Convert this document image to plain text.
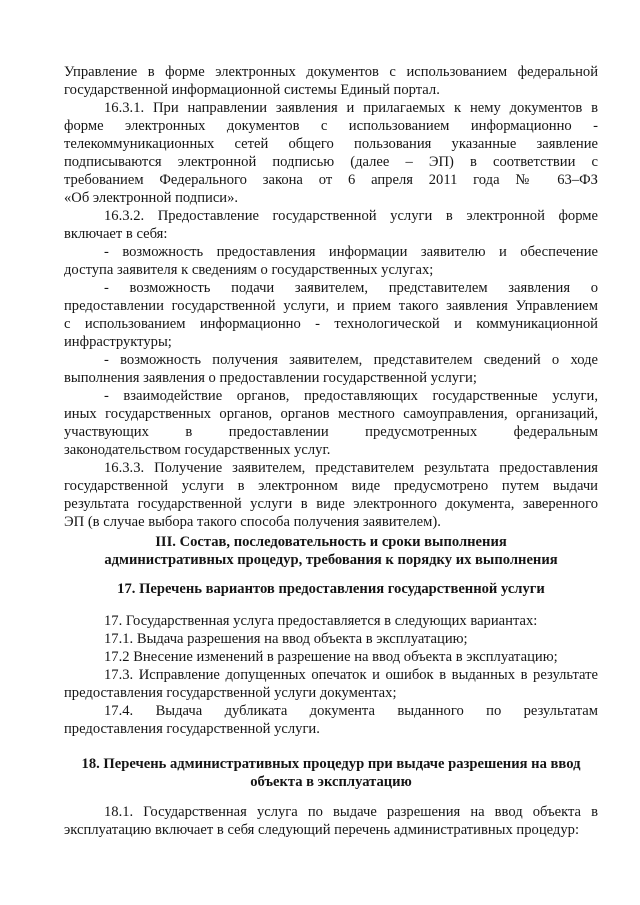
Управление в форме электронных документов с использованием федеральной
государственной информационной системы Единый портал.

16.3.1. При направлении заявления и прилагаемых к нему документов в
форме электронных документов с использованием информационно -
телекоммуникационных сетей общего пользования указанные заявление
подписываются электронной подписью (далее – ЭП) в соответствии с
требованием Федерального закона от 6 апреля 2011 года № 63–ФЗ
«Об электронной подписи».

16.3.2. Предоставление государственной услуги в электронной форме
включает в себя:

- возможность предоставления информации заявителю и обеспечение
доступа заявителя к сведениям о государственных услугах;

- возможность подачи заявителем, представителем заявления о
предоставлении государственной услуги, и прием такого заявления Управлением
с использованием информационно - технологической и коммуникационной
инфраструктуры;

- возможность получения заявителем, представителем сведений о ходе
выполнения заявления о предоставлении государственной услуги;

- взаимодействие органов, предоставляющих государственные услуги,
иных государственных органов, органов местного самоуправления, организаций,
участвующих в предоставлении предусмотренных федеральным
законодательством государственных услуг.

16.3.3. Получение заявителем, представителем результата предоставления
государственной услуги в электронном виде предусмотрено путем выдачи
результата государственной услуги в виде электронного документа, заверенного
ЭП (в случае выбора такого способа получения заявителем).

III. Состав, последовательность и сроки выполнения

административных процедур, требования к порядку их выполнения

17. Перечень вариантов предоставления государственной услуги

17. Государственная услуга предоставляется в следующих вариантах:

17.1. Выдача разрешения на ввод объекта в эксплуатацию;

17.2 Внесение изменений в разрешение на ввод объекта в эксплуатацию;

17.3. Исправление допущенных опечаток и ошибок в выданных в результате
предоставления государственной услуги документах;

17.4. Выдача дубликата документа выданного по результатам
предоставления государственной услуги.

18. Перечень административных процедур при выдаче разрешения на ввод

объекта в эксплуатацию

18.1. Государственная услуга по выдаче разрешения на ввод объекта в
эксплуатацию включает в себя следующий перечень административных процедур:
